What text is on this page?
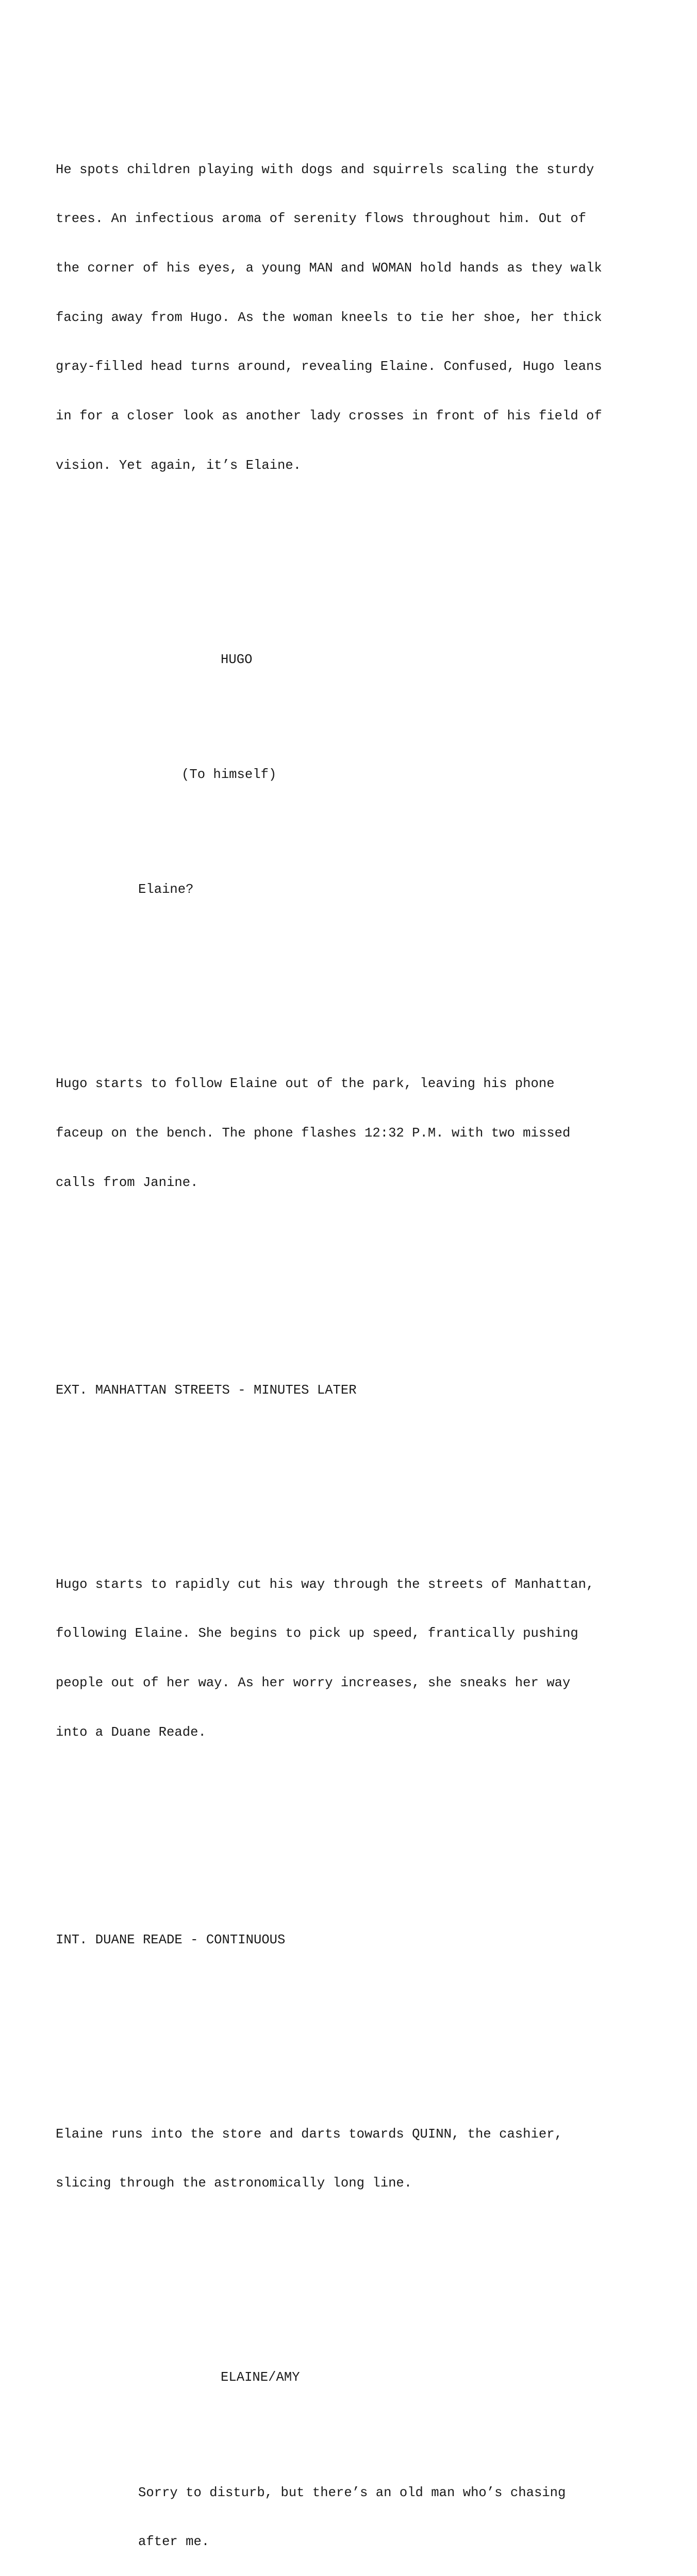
He spots children playing with dogs and squirrels scaling the sturdy

trees. An infectious aroma of serenity flows throughout him. Out of

the corner of his eyes, a young MAN and WOMAN hold hands as they walk

facing away from Hugo. As the woman kneels to tie her shoe, her thick

gray-filled head turns around, revealing Elaine. Confused, Hugo leans

in for a closer look as another lady crosses in front of his field of

vision. Yet again, it’s Elaine.

HUGO

(To himself)

Elaine?

Hugo starts to follow Elaine out of the park, leaving his phone

faceup on the bench. The phone flashes 12:32 P.M. with two missed

calls from Janine.

EXT. MANHATTAN STREETS - MINUTES LATER

Hugo starts to rapidly cut his way through the streets of Manhattan,

following Elaine. She begins to pick up speed, frantically pushing

people out of her way. As her worry increases, she sneaks her way

into a Duane Reade.

INT. DUANE READE - CONTINUOUS

Elaine runs into the store and darts towards QUINN, the cashier,

slicing through the astronomically long line.

ELAINE/AMY

Sorry to disturb, but there’s an old man who’s chasing

after me.
